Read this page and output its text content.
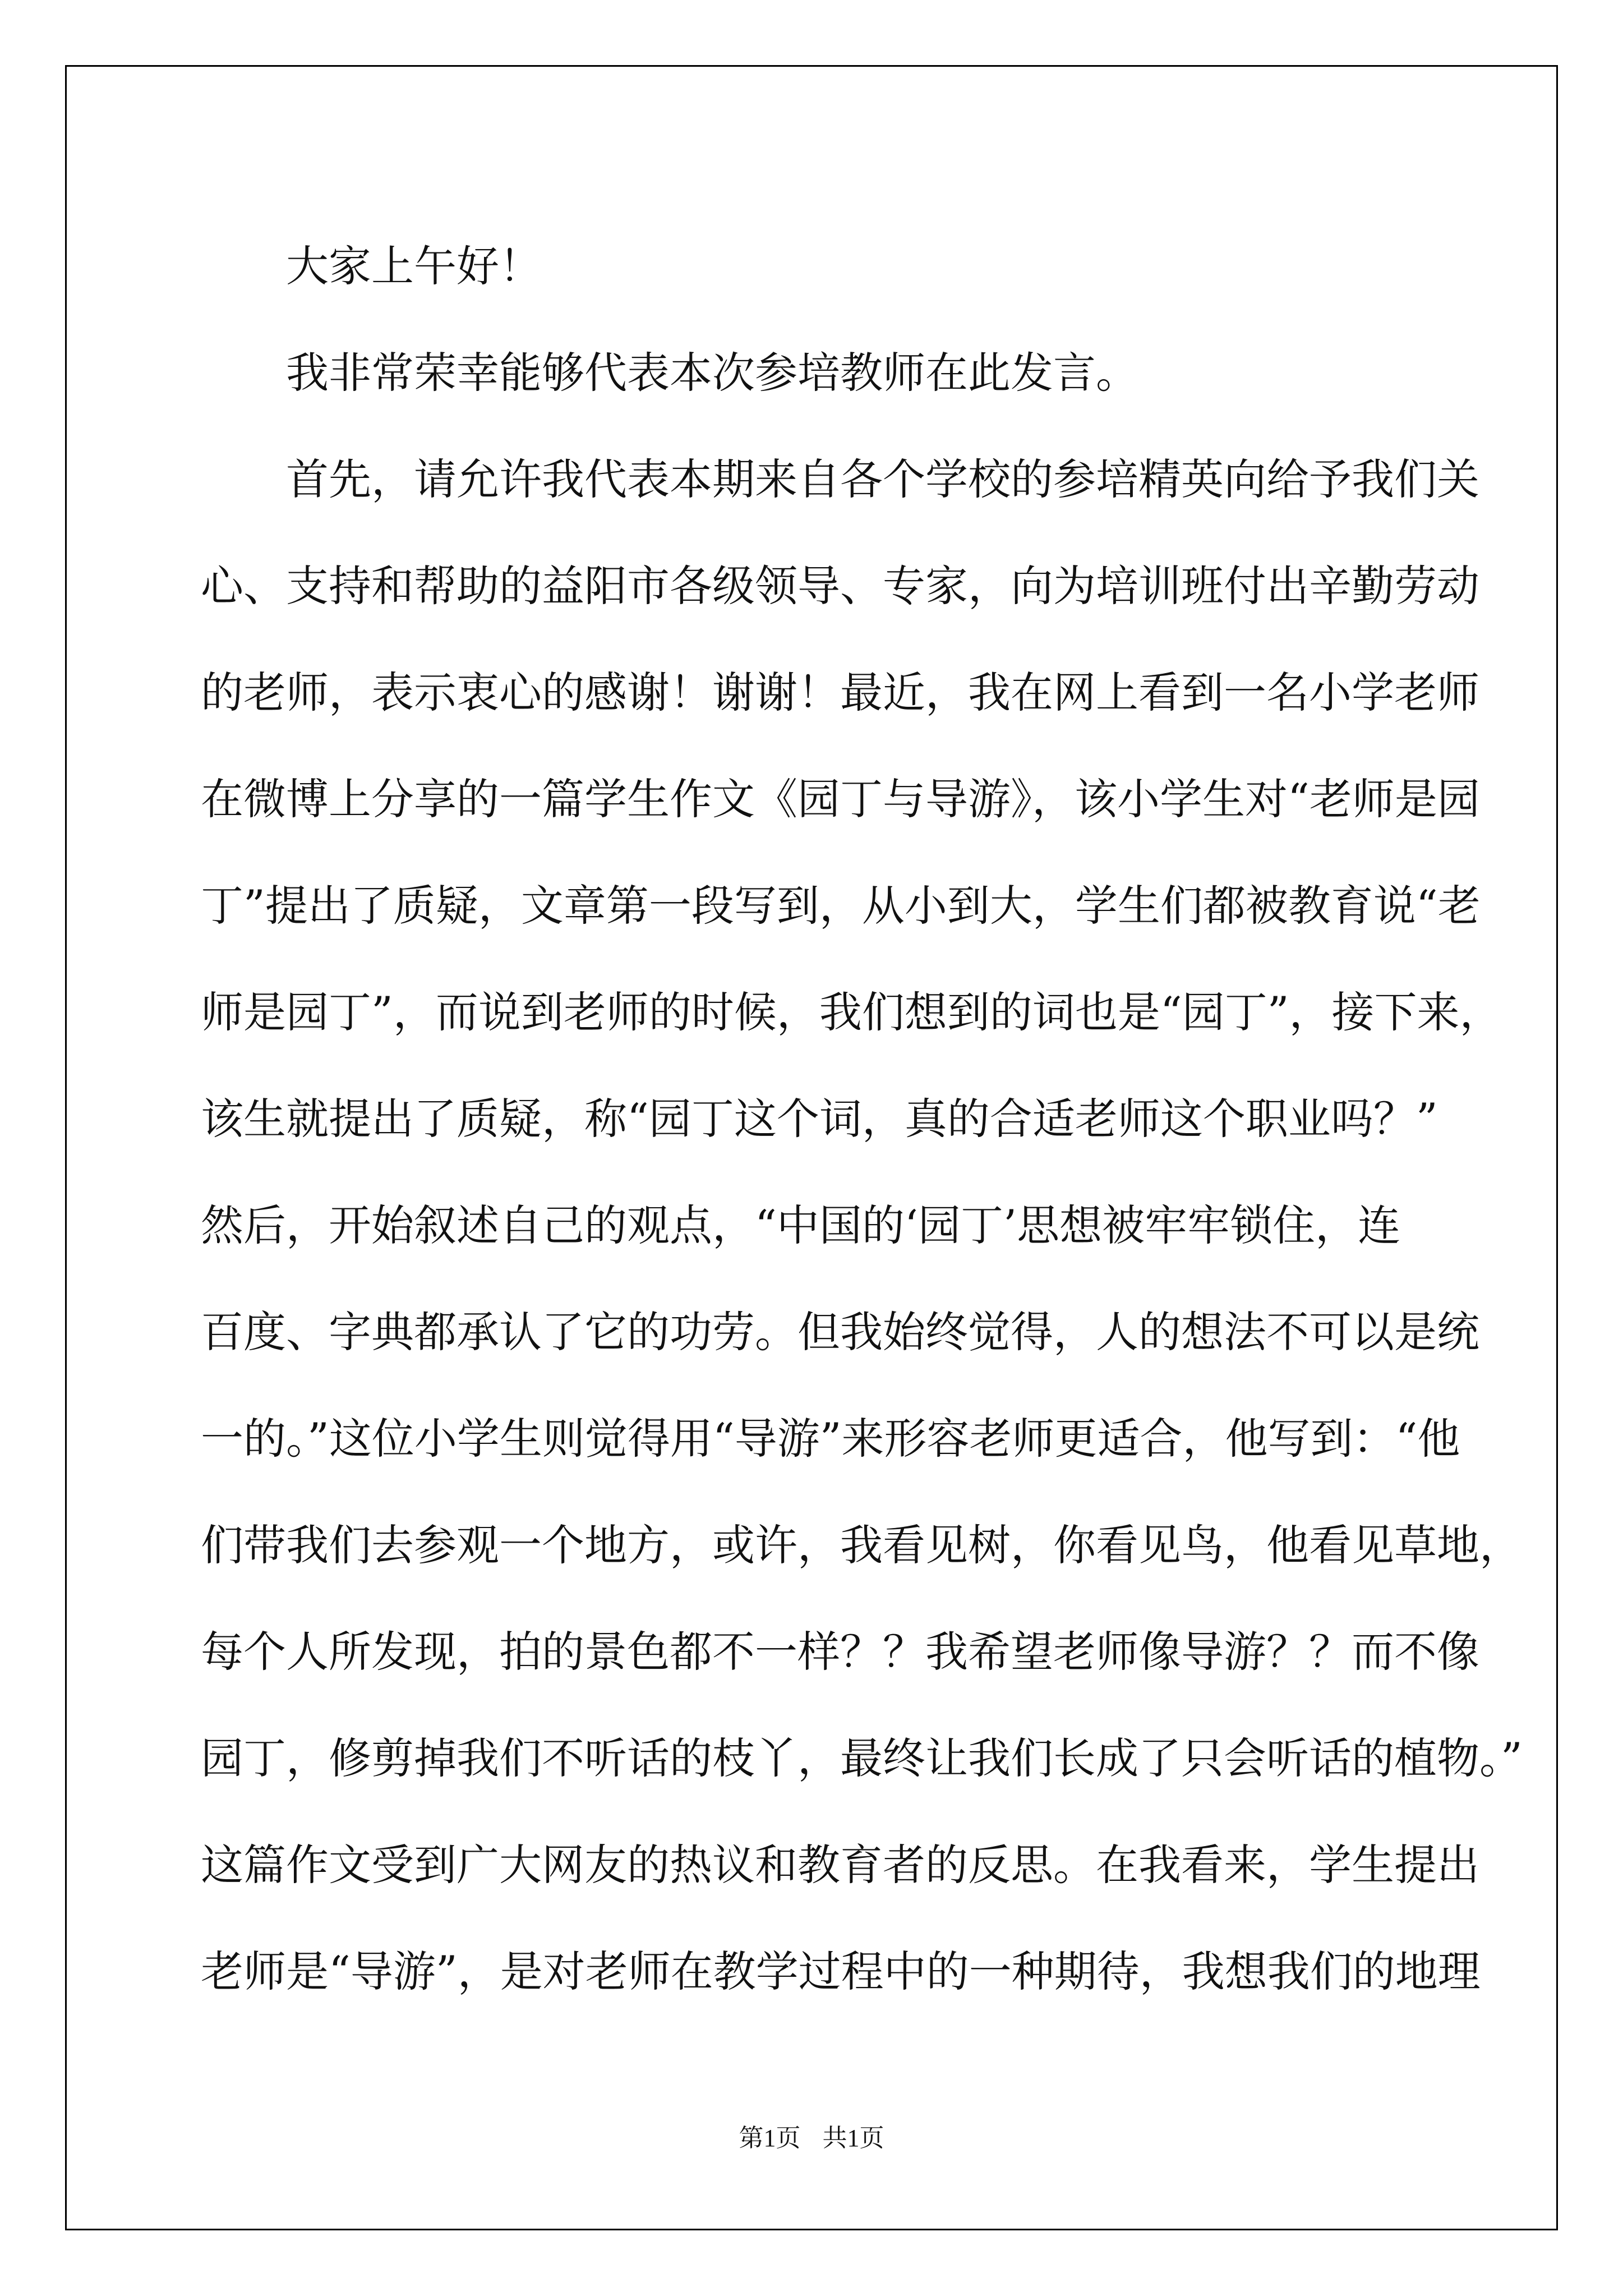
大家上午好！
我非常荣幸能够代表本次参培教师在此发言。
首先，请允许我代表本期来自各个学校的参培精英向给予我们关
心、支持和帮助的益阳市各级领导、专家，向为培训班付出辛勤劳动
的老师，表示衷心的感谢！谢谢！最近，我在网上看到一名小学老师
在微博上分享的一篇学生作文《园丁与导游》，该小学生对“老师是园
丁”提出了质疑，文章第一段写到，从小到大，学生们都被教育说“老
师是园丁”，而说到老师的时候，我们想到的词也是“园丁”，接下来，
该生就提出了质疑，称“园丁这个词，真的合适老师这个职业吗？”
然后，开始叙述自己的观点，“中国的‘园丁’思想被牢牢锁住，连
百度、字典都承认了它的功劳。但我始终觉得，人的想法不可以是统
一的。”这位小学生则觉得用“导游”来形容老师更适合，他写到：“他
们带我们去参观一个地方，或许，我看见树，你看见鸟，他看见草地，
每个人所发现，拍的景色都不一样？？我希望老师像导游？？而不像
园丁，修剪掉我们不听话的枝丫，最终让我们长成了只会听话的植物。”
这篇作文受到广大网友的热议和教育者的反思。在我看来，学生提出
老师是“导游”，是对老师在教学过程中的一种期待，我想我们的地理
第1页 共1页
